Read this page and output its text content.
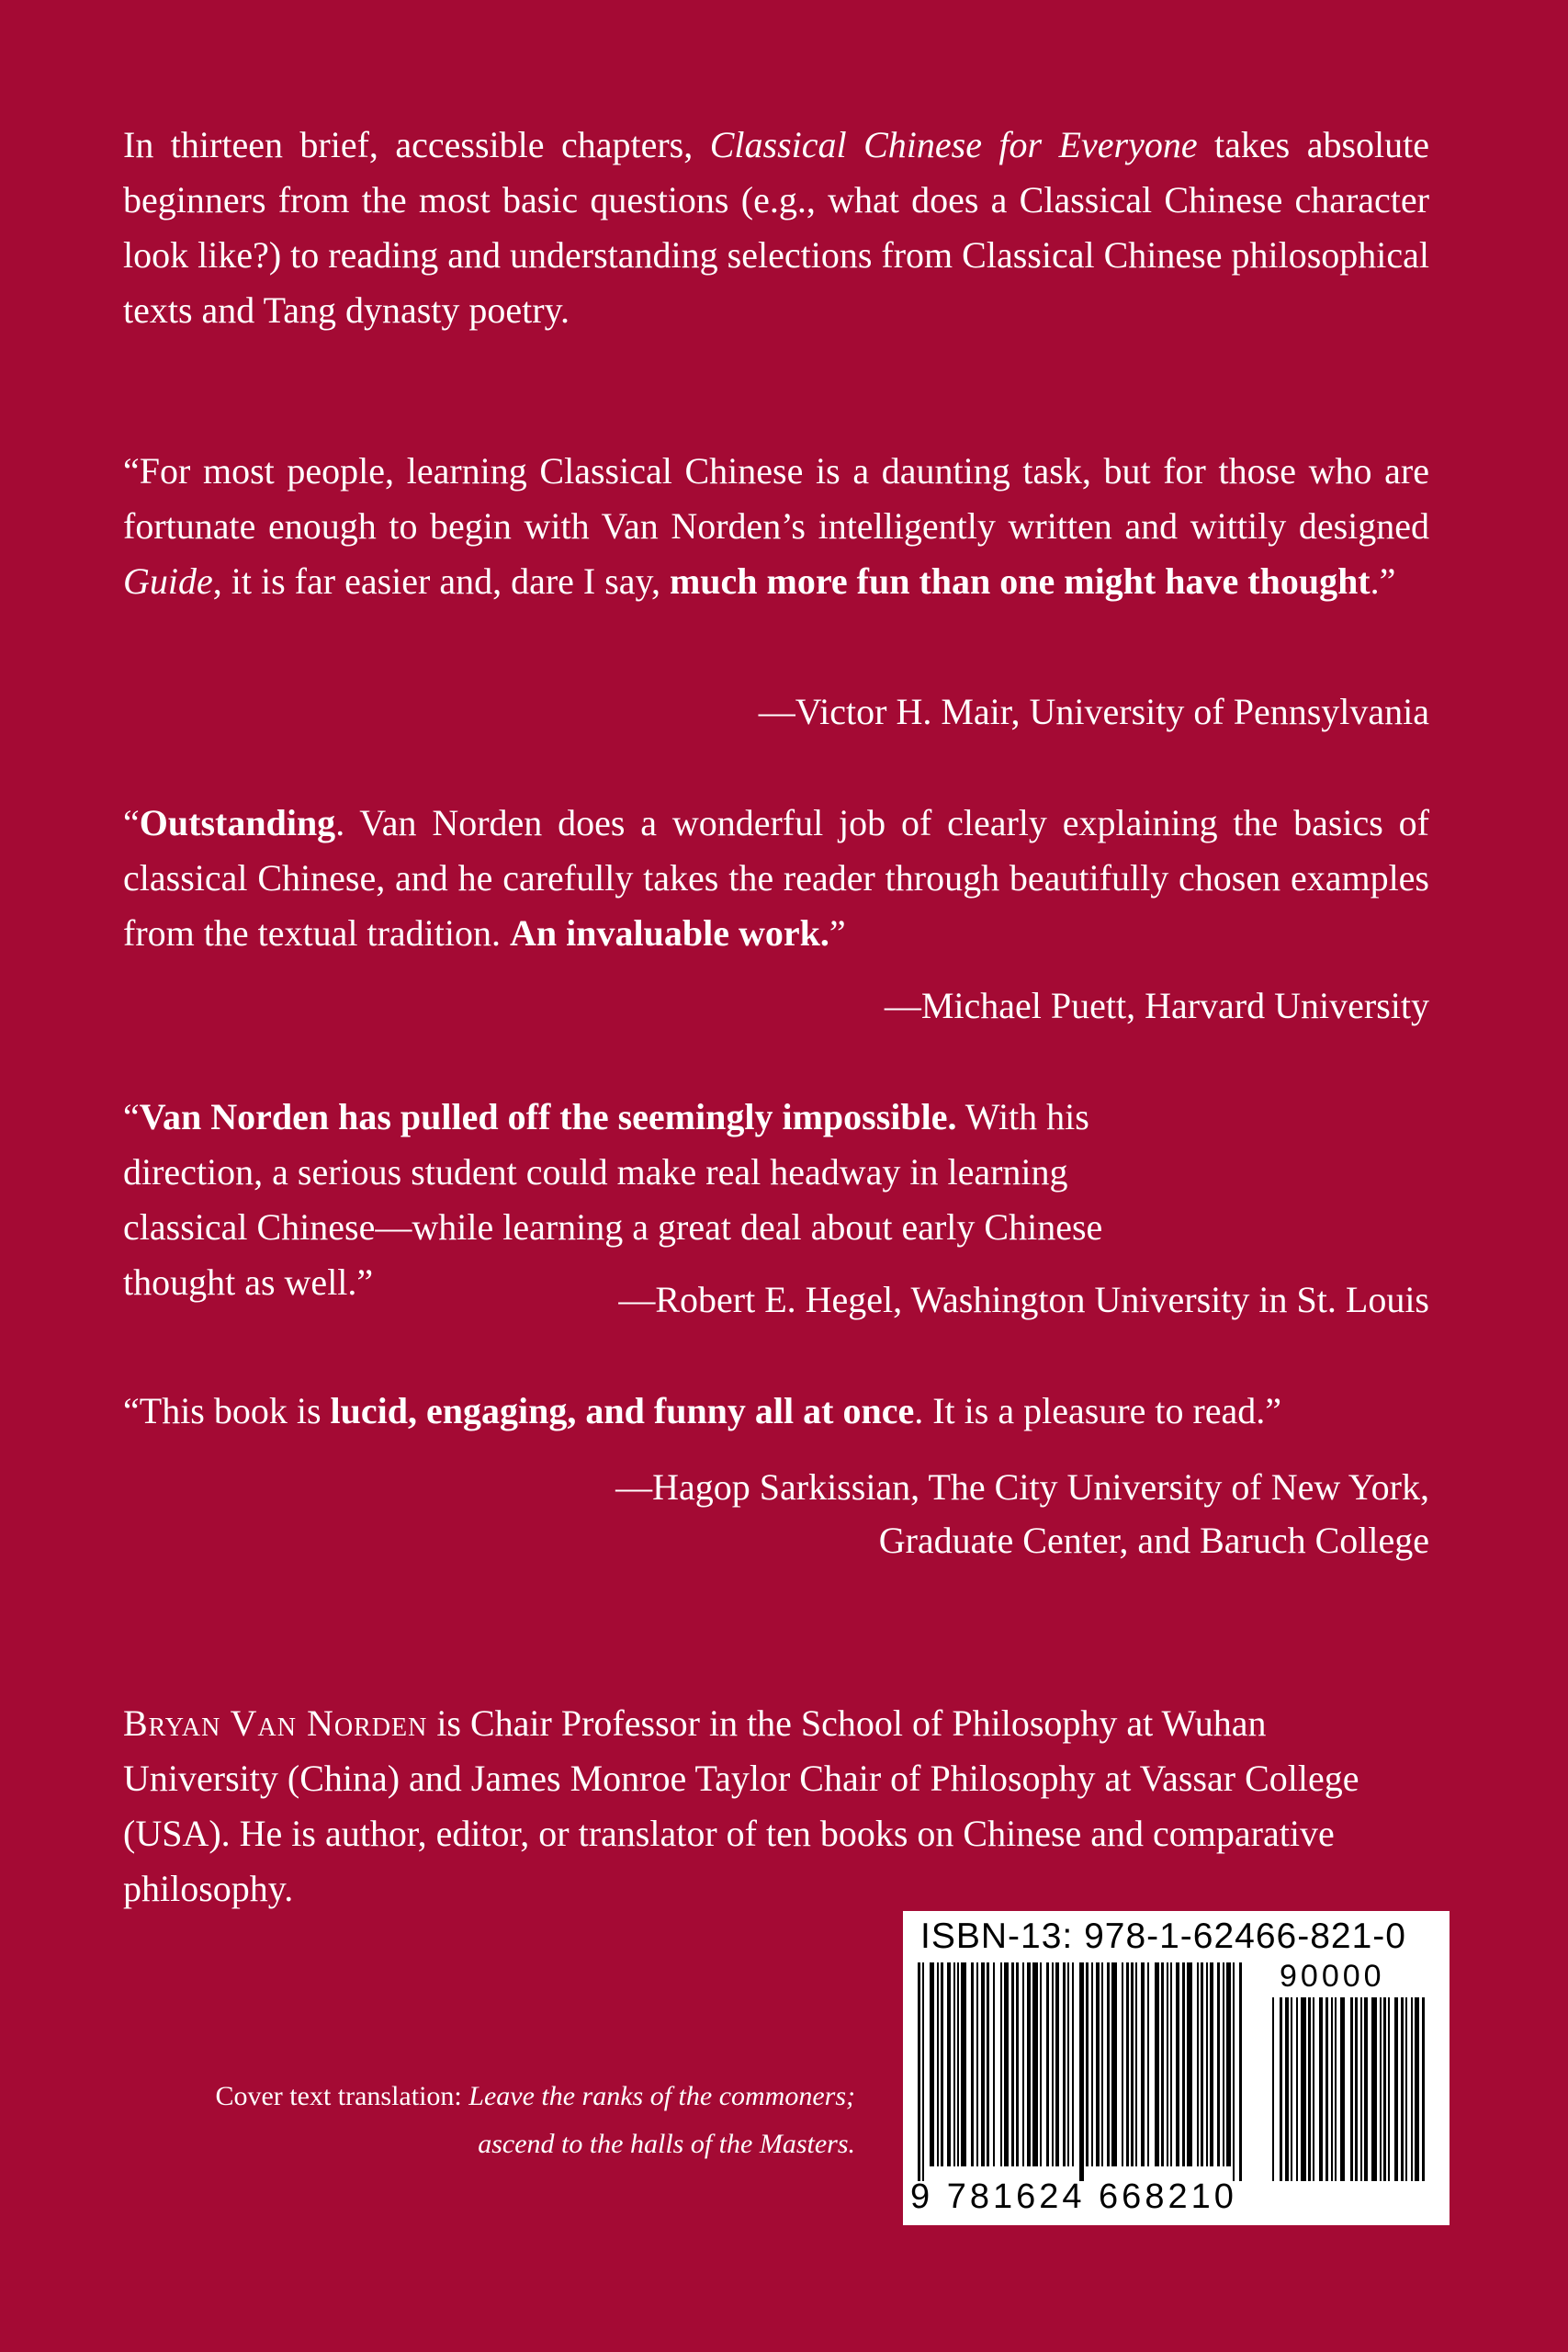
In thirteen brief, accessible chapters, Classical Chinese for Everyone takes absolute beginners from the most basic questions (e.g., what does a Classical Chinese character look like?) to reading and understanding selections from Classical Chinese philosophical texts and Tang dynasty poetry.

“For most people, learning Classical Chinese is a daunting task, but for those who are fortunate enough to begin with Van Norden’s intelligently written and wittily designed Guide, it is far easier and, dare I say, much more fun than one might have thought.”

—Victor H. Mair, University of Pennsylvania

“Outstanding. Van Norden does a wonderful job of clearly explaining the basics of classical Chinese, and he carefully takes the reader through beautifully chosen examples from the textual tradition. An invaluable work.”

—Michael Puett, Harvard University

“Van Norden has pulled off the seemingly impossible. With his direction, a serious student could make real headway in learning classical Chinese—while learning a great deal about early Chinese thought as well.”	—Robert E. Hegel, Washington University in St. Louis

“This book is lucid, engaging, and funny all at once. It is a pleasure to read.”

—Hagop Sarkissian, The City University of New York,
Graduate Center, and Baruch College

Bryan Van Norden is Chair Professor in the School of Philosophy at Wuhan University (China) and James Monroe Taylor Chair of Philosophy at Vassar College (USA). He is author, editor, or translator of ten books on Chinese and comparative philosophy.

ISBN-13: 978-1-62466-821-0
90000
9 781624 668210
Cover text translation: Leave the ranks of the commoners;
ascend to the halls of the Masters.
